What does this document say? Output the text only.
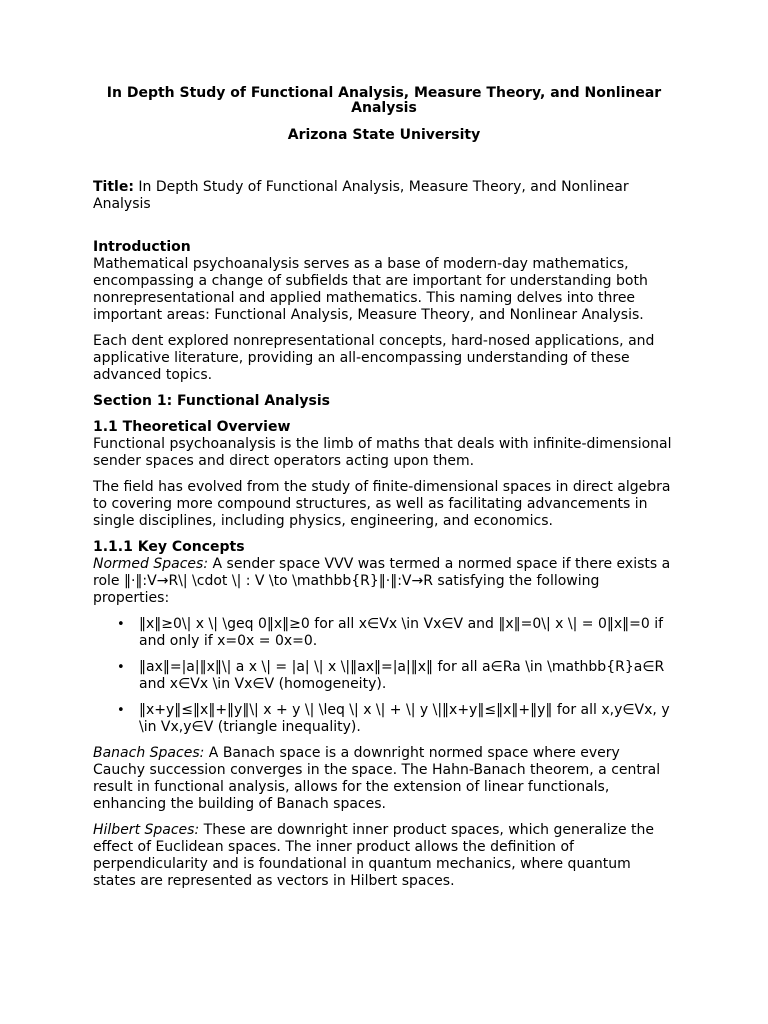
In Depth Study of Functional Analysis, Measure Theory, and Nonlinear Analysis

Arizona State University

Title: In Depth Study of Functional Analysis, Measure Theory, and Nonlinear Analysis

Introduction

Mathematical psychoanalysis serves as a base of modern-day mathematics, encompassing a change of subfields that are important for understanding both nonrepresentational and applied mathematics. This naming delves into three important areas: Functional Analysis, Measure Theory, and Nonlinear Analysis.

Each dent explored nonrepresentational concepts, hard-nosed applications, and applicative literature, providing an all-encompassing understanding of these advanced topics.

Section 1: Functional Analysis

1.1 Theoretical Overview

Functional psychoanalysis is the limb of maths that deals with infinite-dimensional sender spaces and direct operators acting upon them.

The field has evolved from the study of finite-dimensional spaces in direct algebra to covering more compound structures, as well as facilitating advancements in single disciplines, including physics, engineering, and economics.

1.1.1 Key Concepts

Normed Spaces: A sender space VVV was termed a normed space if there exists a role ‖·‖:V→R\| \cdot \| : V \to \mathbb{R}‖·‖:V→R satisfying the following properties:

• ‖x‖≥0\| x \| \geq 0‖x‖≥0 for all x∈Vx \in Vx∈V and ‖x‖=0\| x \| = 0‖x‖=0 if and only if x=0x = 0x=0.
• ‖ax‖=|a|‖x‖\| a x \| = |a| \| x \|‖ax‖=|a|‖x‖ for all a∈Ra \in \mathbb{R}a∈R and x∈Vx \in Vx∈V (homogeneity).
• ‖x+y‖≤‖x‖+‖y‖\| x + y \| \leq \| x \| + \| y \|‖x+y‖≤‖x‖+‖y‖ for all x,y∈Vx, y \in Vx,y∈V (triangle inequality).

Banach Spaces: A Banach space is a downright normed space where every Cauchy succession converges in the space. The Hahn-Banach theorem, a central result in functional analysis, allows for the extension of linear functionals, enhancing the building of Banach spaces.

Hilbert Spaces: These are downright inner product spaces, which generalize the effect of Euclidean spaces. The inner product allows the definition of perpendicularity and is foundational in quantum mechanics, where quantum states are represented as vectors in Hilbert spaces.
